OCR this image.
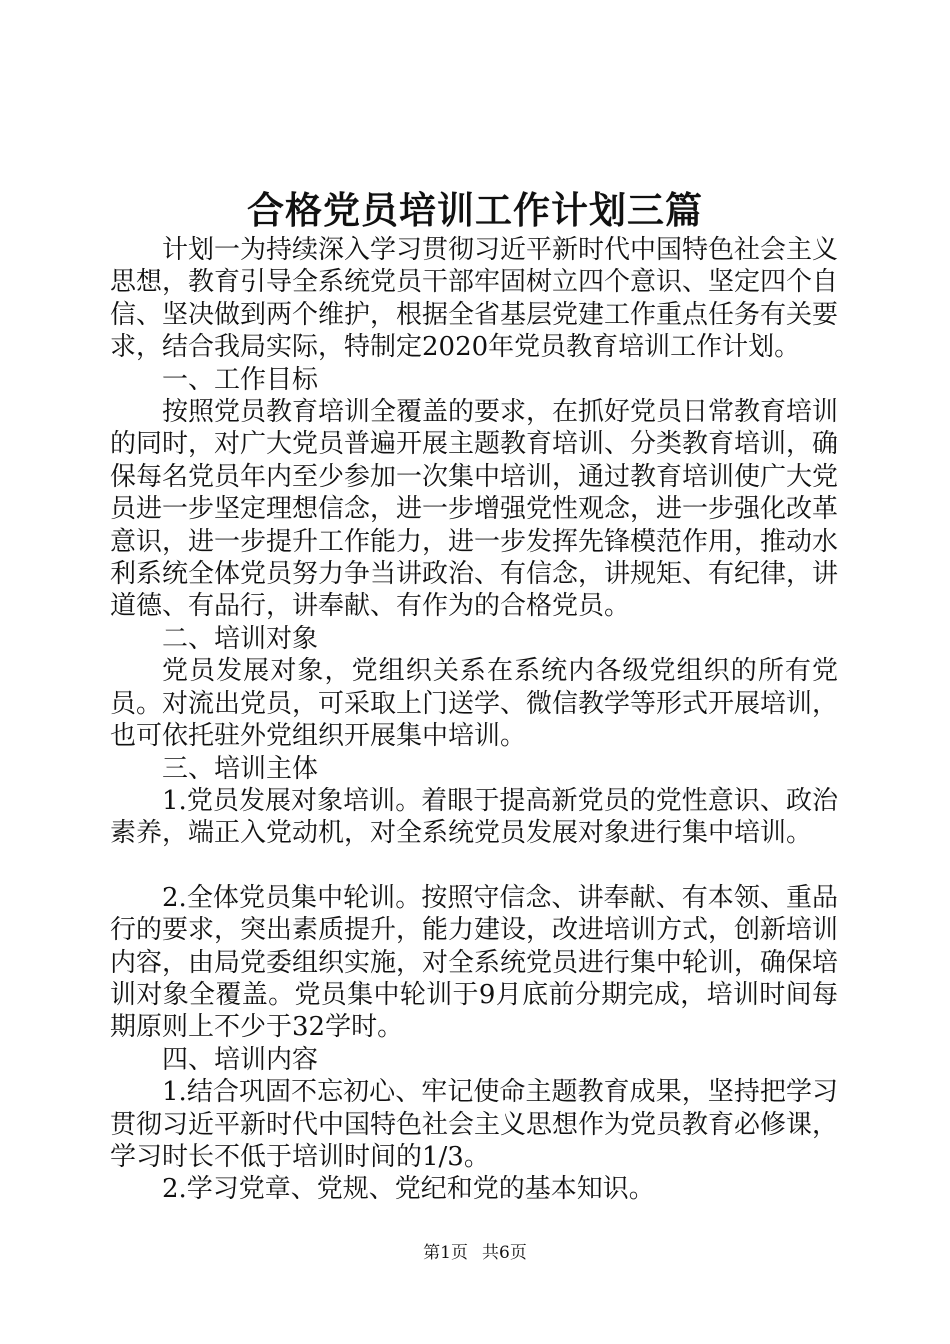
合格党员培训工作计划三篇

计划一为持续深入学习贯彻习近平新时代中国特色社会主义思想，教育引导全系统党员干部牢固树立四个意识、坚定四个自信、坚决做到两个维护，根据全省基层党建工作重点任务有关要求，结合我局实际，特制定2020年党员教育培训工作计划。

一、工作目标

按照党员教育培训全覆盖的要求，在抓好党员日常教育培训的同时，对广大党员普遍开展主题教育培训、分类教育培训，确保每名党员年内至少参加一次集中培训，通过教育培训使广大党员进一步坚定理想信念，进一步增强党性观念，进一步强化改革意识，进一步提升工作能力，进一步发挥先锋模范作用，推动水利系统全体党员努力争当讲政治、有信念，讲规矩、有纪律，讲道德、有品行，讲奉献、有作为的合格党员。

二、培训对象

党员发展对象，党组织关系在系统内各级党组织的所有党员。对流出党员，可采取上门送学、微信教学等形式开展培训，也可依托驻外党组织开展集中培训。

三、培训主体

1.党员发展对象培训。着眼于提高新党员的党性意识、政治素养，端正入党动机，对全系统党员发展对象进行集中培训。

2.全体党员集中轮训。按照守信念、讲奉献、有本领、重品行的要求，突出素质提升，能力建设，改进培训方式，创新培训内容，由局党委组织实施，对全系统党员进行集中轮训，确保培训对象全覆盖。党员集中轮训于9月底前分期完成，培训时间每期原则上不少于32学时。

四、培训内容

1.结合巩固不忘初心、牢记使命主题教育成果，坚持把学习贯彻习近平新时代中国特色社会主义思想作为党员教育必修课，学习时长不低于培训时间的1/3。

2.学习党章、党规、党纪和党的基本知识。

第1页 共6页
